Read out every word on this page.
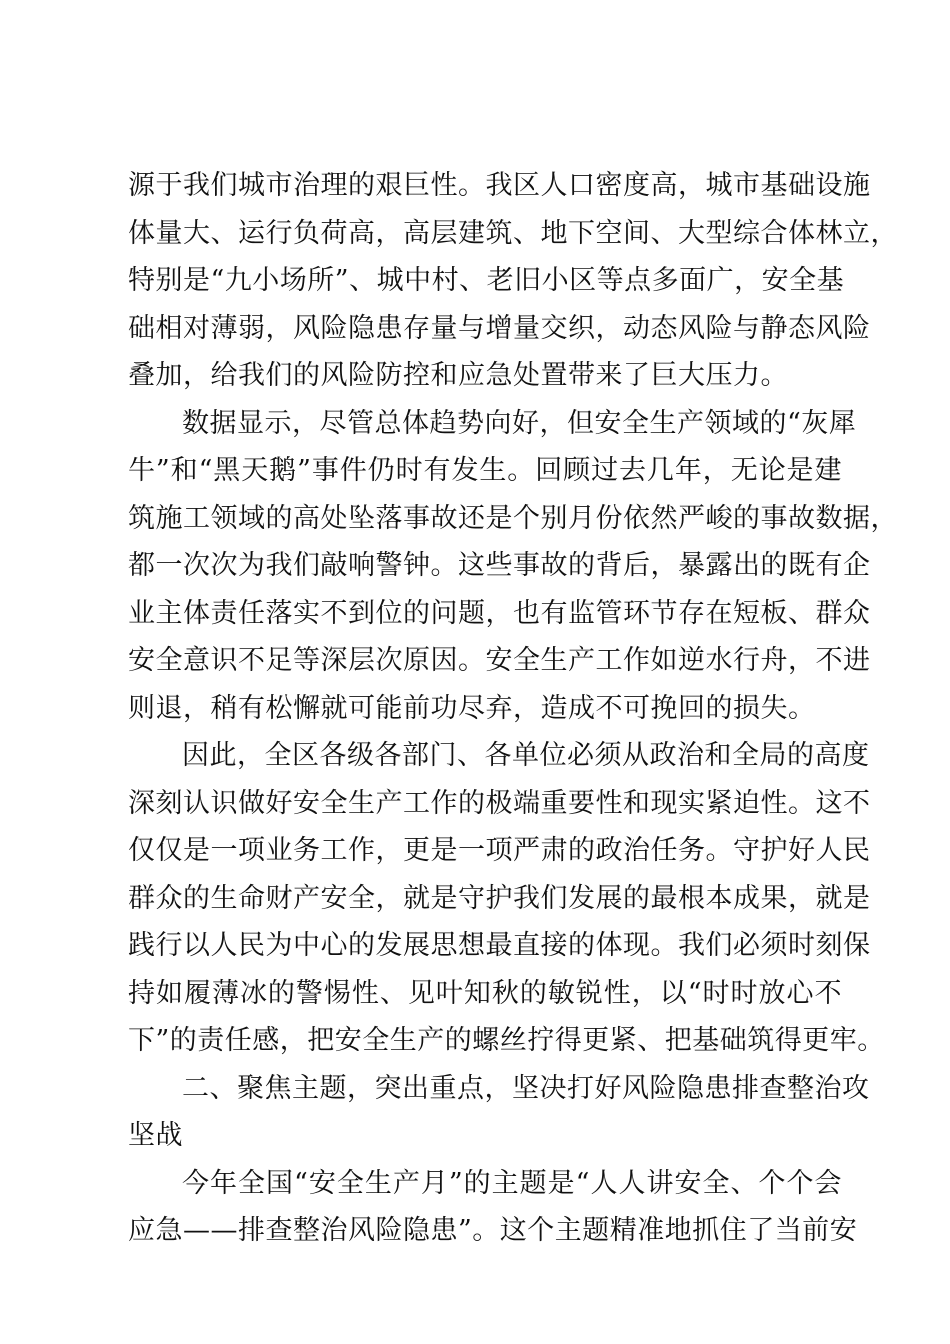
源于我们城市治理的艰巨性。我区人口密度高，城市基础设施
体量大、运行负荷高，高层建筑、地下空间、大型综合体林立，
特别是“九小场所”、城中村、老旧小区等点多面广，安全基
础相对薄弱，风险隐患存量与增量交织，动态风险与静态风险
叠加，给我们的风险防控和应急处置带来了巨大压力。
数据显示，尽管总体趋势向好，但安全生产领域的“灰犀
牛”和“黑天鹅”事件仍时有发生。回顾过去几年，无论是建
筑施工领域的高处坠落事故还是个别月份依然严峻的事故数据，
都一次次为我们敲响警钟。这些事故的背后，暴露出的既有企
业主体责任落实不到位的问题，也有监管环节存在短板、群众
安全意识不足等深层次原因。安全生产工作如逆水行舟，不进
则退，稍有松懈就可能前功尽弃，造成不可挽回的损失。
因此，全区各级各部门、各单位必须从政治和全局的高度
深刻认识做好安全生产工作的极端重要性和现实紧迫性。这不
仅仅是一项业务工作，更是一项严肃的政治任务。守护好人民
群众的生命财产安全，就是守护我们发展的最根本成果，就是
践行以人民为中心的发展思想最直接的体现。我们必须时刻保
持如履薄冰的警惕性、见叶知秋的敏锐性，以“时时放心不
下”的责任感，把安全生产的螺丝拧得更紧、把基础筑得更牢。
二、聚焦主题，突出重点，坚决打好风险隐患排查整治攻
坚战
今年全国“安全生产月”的主题是“人人讲安全、个个会
应急——排查整治风险隐患”。这个主题精准地抓住了当前安
